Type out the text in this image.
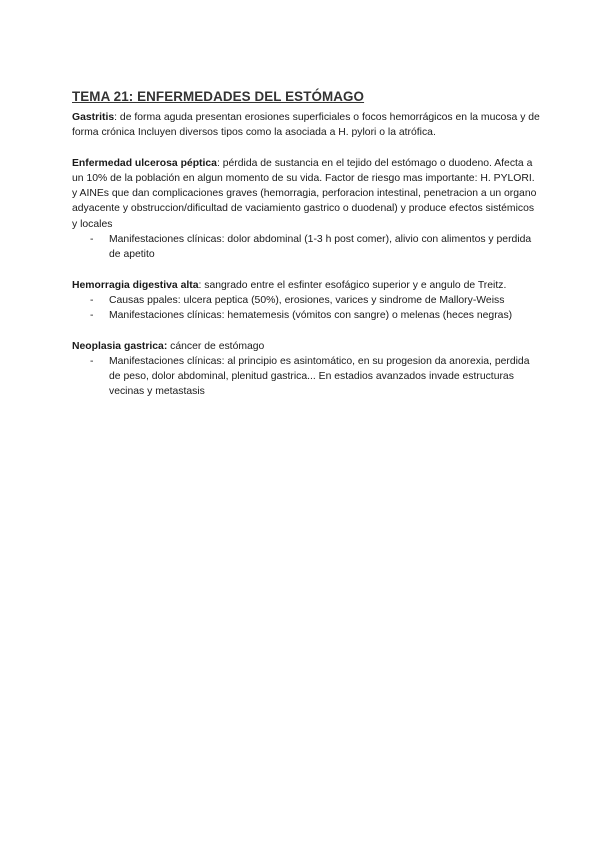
TEMA 21: ENFERMEDADES DEL ESTÓMAGO

Gastritis: de forma aguda presentan erosiones superficiales o focos hemorrágicos en la mucosa y de forma crónica Incluyen diversos tipos como la asociada a H. pylori o la atrófica.

Enfermedad ulcerosa péptica: pérdida de sustancia en el tejido del estómago o duodeno. Afecta a un 10% de la población en algun momento de su vida. Factor de riesgo mas importante: H. PYLORI. y AINEs que dan complicaciones graves (hemorragia, perforacion intestinal, penetracion a un organo adyacente y obstruccion/dificultad de vaciamiento gastrico o duodenal) y produce efectos sistémicos y locales

- Manifestaciones clínicas: dolor abdominal (1-3 h post comer), alivio con alimentos y perdida de apetito

Hemorragia digestiva alta: sangrado entre el esfinter esofágico superior y e angulo de Treitz.

- Causas ppales: ulcera peptica (50%), erosiones, varices y sindrome de Mallory-Weiss
- Manifestaciones clínicas: hematemesis (vómitos con sangre) o melenas (heces negras)

Neoplasia gastrica: cáncer de estómago

- Manifestaciones clínicas: al principio es asintomático, en su progesion da anorexia, perdida de peso, dolor abdominal, plenitud gastrica... En estadios avanzados invade estructuras vecinas y metastasis
